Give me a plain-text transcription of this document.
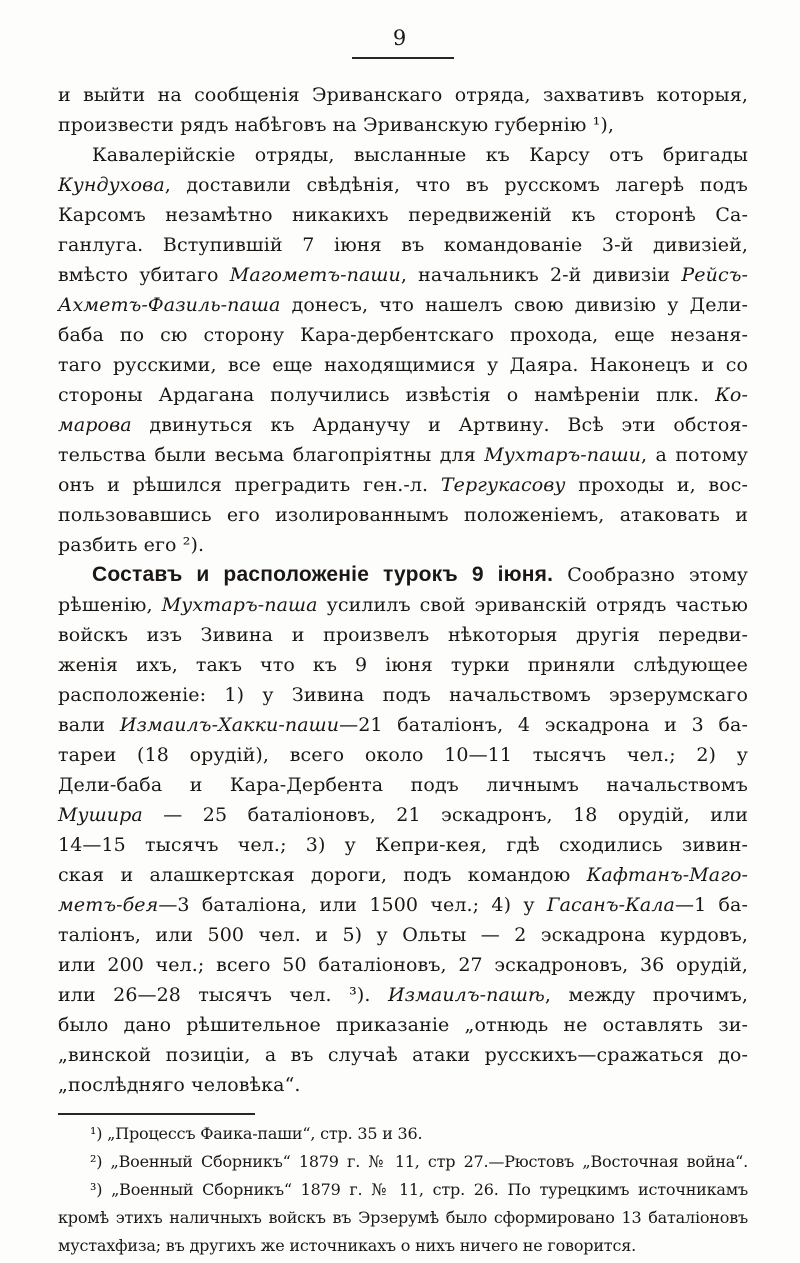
9
и выйти на сообщенія Эриванскаго отряда, захвативъ которыя,
произвести рядъ набѣговъ на Эриванскую губернію ¹),
Кавалерійскіе отряды, высланные къ Карсу отъ бригады
Кундухова, доставили свѣдѣнія, что въ русскомъ лагерѣ подъ
Карсомъ незамѣтно никакихъ передвиженій къ сторонѣ Са-
ганлуга. Вступившій 7 іюня въ командованіе 3-й дивизіей,
вмѣсто убитаго Магометъ-паши, начальникъ 2-й дивизіи Рейсъ-
Ахметъ-Фазиль-паша донесъ, что нашелъ свою дивизію у Дели-
баба по сю сторону Кара-дербентскаго прохода, еще незаня-
таго русскими, все еще находящимися у Даяра. Наконецъ и со
стороны Ардагана получились извѣстія о намѣреніи плк. Ко-
марова двинуться къ Арданучу и Артвину. Всѣ эти обстоя-
тельства были весьма благопріятны для Мухтаръ-паши, а потому
онъ и рѣшился преградить ген.-л. Тергукасову проходы и, вос-
пользовавшись его изолированнымъ положеніемъ, атаковать и
разбить его ²).
Составъ и расположеніе турокъ 9 іюня. Сообразно этому
рѣшенію, Мухтаръ-паша усилилъ свой эриванскій отрядъ частью
войскъ изъ Зивина и произвелъ нѣкоторыя другія передви-
женія ихъ, такъ что къ 9 іюня турки приняли слѣдующее
расположеніе: 1) у Зивина подъ начальствомъ эрзерумскаго
вали Измаилъ-Хакки-паши—21 баталіонъ, 4 эскадрона и 3 ба-
тареи (18 орудій), всего около 10—11 тысячъ чел.; 2) у
Дели-баба и Кара-Дербента подъ личнымъ начальствомъ
Мушира — 25 баталіоновъ, 21 эскадронъ, 18 орудій, или
14—15 тысячъ чел.; 3) у Кепри-кея, гдѣ сходились зивин-
ская и алашкертская дороги, подъ командою Кафтанъ-Маго-
метъ-бея—3 баталіона, или 1500 чел.; 4) у Гасанъ-Кала—1 ба-
таліонъ, или 500 чел. и 5) у Ольты — 2 эскадрона курдовъ,
или 200 чел.; всего 50 баталіоновъ, 27 эскадроновъ, 36 орудій,
или 26—28 тысячъ чел. ³). Измаилъ-пашѣ, между прочимъ,
было дано рѣшительное приказаніе „отнюдь не оставлять зи-
„винской позиціи, а въ случаѣ атаки русскихъ—сражаться до-
„послѣдняго человѣка“.
¹) „Процессъ Фаика-паши“, стр. 35 и 36.
²) „Военный Сборникъ“ 1879 г. № 11, стр 27.—Рюстовъ „Восточная война“.
³) „Военный Сборникъ“ 1879 г. № 11, стр. 26. По турецкимъ источникамъ
кромѣ этихъ наличныхъ войскъ въ Эрзерумѣ было сформировано 13 баталіоновъ
мустахфиза; въ другихъ же источникахъ о нихъ ничего не говорится.
